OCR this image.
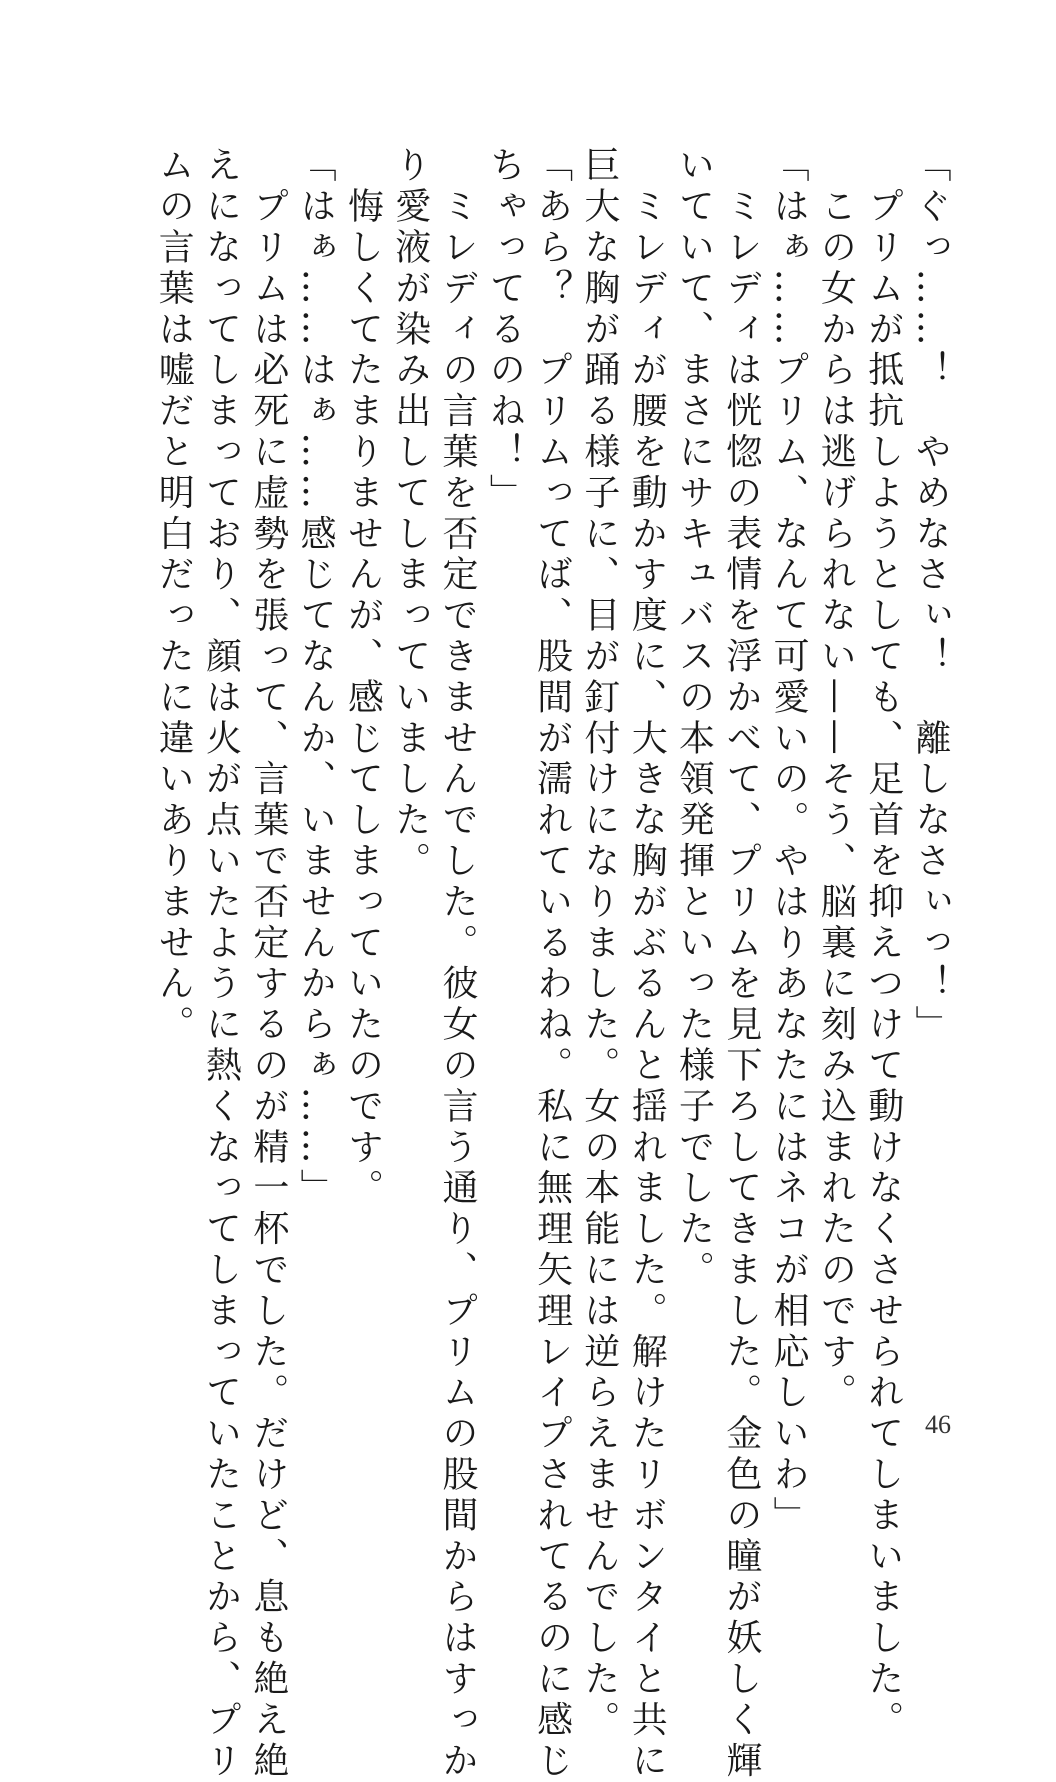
「ぐっ……！　やめなさぃ！　離しなさぃっ！」
　プリムが抵抗しようとしても、足首を抑えつけて動けなくさせられてしまいました。
　この女からは逃げられない——そう、脳裏に刻み込まれたのです。
「はぁ……プリム、なんて可愛いの。やはりあなたにはネコが相応しいわ」
　ミレディは恍惚の表情を浮かべて、プリムを見下ろしてきました。金色の瞳が妖しく輝
いていて、まさにサキュバスの本領発揮といった様子でした。
　ミレディが腰を動かす度に、大きな胸がぶるんと揺れました。解けたリボンタイと共に
巨大な胸が踊る様子に、目が釘付けになりました。女の本能には逆らえませんでした。
「あら？　プリムってば、股間が濡れているわね。私に無理矢理レイプされてるのに感じ
ちゃってるのね！」
　ミレディの言葉を否定できませんでした。彼女の言う通り、プリムの股間からはすっか
り愛液が染み出してしまっていました。
　悔しくてたまりませんが、感じてしまっていたのです。
「はぁ……はぁ……感じてなんか、いませんからぁ……」
　プリムは必死に虚勢を張って、言葉で否定するのが精一杯でした。だけど、息も絶え絶
えになってしまっており、顔は火が点いたように熱くなってしまっていたことから、プリ
ムの言葉は嘘だと明白だったに違いありません。
46
